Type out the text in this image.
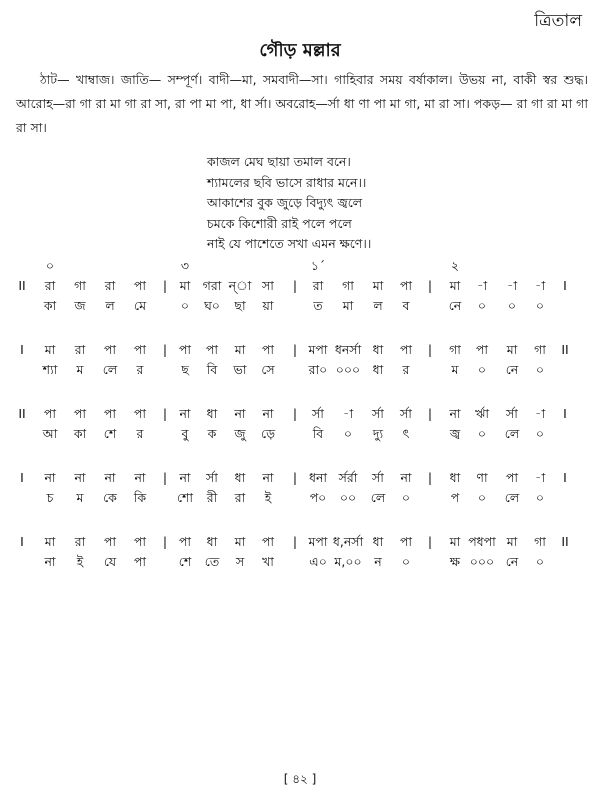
ত্রিতাল
গৌড় মল্লার
ঠাট— খাম্বাজ। জাতি— সম্পূর্ণ। বাদী—মা, সমবাদী—সা। গাহিবার সময় বর্ষাকাল। উভয় না, বাকী স্বর শুদ্ধ। আরোহ—রা গা রা মা গা রা সা, রা পা মা পা, ধা র্সা। অবরোহ—র্সা ধা ণা পা মা গা, মা রা সা। পকড়— রা গা রা মা গা রা সা।
কাজল মেঘ ছায়া তমাল বনে।
শ্যামলের ছবি ভাসে রাধার মনে।।
আকাশের বুক জুড়ে বিদ্যুৎ জ্বলে
চমকে কিশোরী রাই পলে পলে
নাই যে পাশেতে সখা এমন ক্ষণে।।
০	৩	১ˊ	২
II রা গা রা পা | মা গরা ন্‌া সা | রা গা মা পা | মা -া -া -া I
কা জ ল মে	০ ঘ০ ছা য়া	ত মা ল ব	নে ০ ০ ০
I মা রা পা পা | পা পা মা পা | মপা ধনর্সা ধা পা | গা পা মা গা II
শ্যা ম লে র	ছ বি ভা সে	রা০ ০০০ ধা র	ম ০ নে ০
II পা পা পা পা | না ধা না না | র্সা -া র্সা র্সা | না র্ঋা র্সা -া I
আ কা শে র	বু ক জু ড়ে	বি ০ দ্যু ৎ	জ্ব ০ লে ০
I না না না না | না র্সা ধা না | ধনা র্সর্রা র্সা না | ধা ণা পা -া I
চ ম কে কি শো রী রা ই	প০ ০০ লে ০	প ০ লে ০
I মা রা পা পা | পা ধা মা পা | মপা ধ,নর্সা ধা পা | মা পধপা মা গা II
না ই যে পা	শে তে স খা	এ০ ম,০০ ন ০	ক্ষ ০০০ নে ০
[ ৪২ ]
